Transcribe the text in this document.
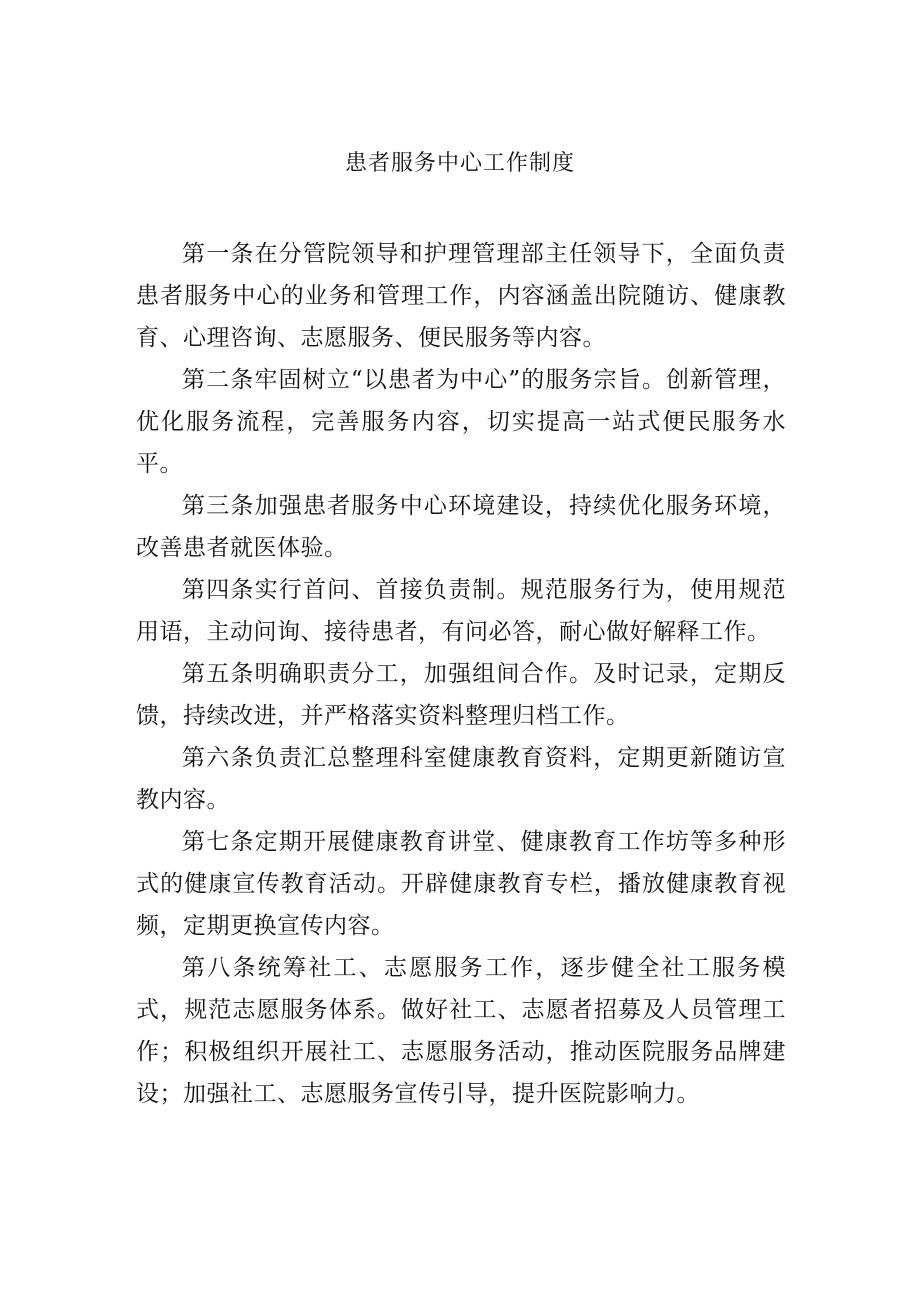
患者服务中心工作制度

第一条在分管院领导和护理管理部主任领导下，全面负责患者服务中心的业务和管理工作，内容涵盖出院随访、健康教育、心理咨询、志愿服务、便民服务等内容。

第二条牢固树立“以患者为中心”的服务宗旨。创新管理，优化服务流程，完善服务内容，切实提高一站式便民服务水平。

第三条加强患者服务中心环境建设，持续优化服务环境，改善患者就医体验。

第四条实行首问、首接负责制。规范服务行为，使用规范用语，主动问询、接待患者，有问必答，耐心做好解释工作。

第五条明确职责分工，加强组间合作。及时记录，定期反馈，持续改进，并严格落实资料整理归档工作。

第六条负责汇总整理科室健康教育资料，定期更新随访宣教内容。

第七条定期开展健康教育讲堂、健康教育工作坊等多种形式的健康宣传教育活动。开辟健康教育专栏，播放健康教育视频，定期更换宣传内容。

第八条统筹社工、志愿服务工作，逐步健全社工服务模式，规范志愿服务体系。做好社工、志愿者招募及人员管理工作；积极组织开展社工、志愿服务活动，推动医院服务品牌建设；加强社工、志愿服务宣传引导，提升医院影响力。
